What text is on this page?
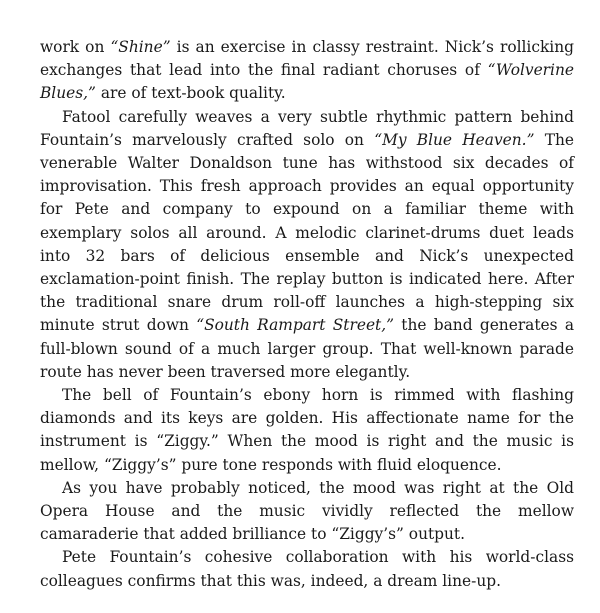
work on “Shine” is an exercise in classy restraint. Nick’s rollicking exchanges that lead into the final radiant choruses of “Wolverine Blues,” are of text-book quality.

Fatool carefully weaves a very subtle rhythmic pattern behind Fountain’s marvelously crafted solo on “My Blue Heaven.” The venerable Walter Donaldson tune has withstood six decades of improvisation. This fresh approach provides an equal opportunity for Pete and company to expound on a familiar theme with exemplary solos all around. A melodic clarinet-drums duet leads into 32 bars of delicious ensemble and Nick’s unexpected exclamation-point finish. The replay button is indicated here. After the traditional snare drum roll-off launches a high-stepping six minute strut down “South Rampart Street,” the band generates a full-blown sound of a much larger group. That well-known parade route has never been traversed more elegantly.

The bell of Fountain’s ebony horn is rimmed with flashing diamonds and its keys are golden. His affectionate name for the instrument is “Ziggy.” When the mood is right and the music is mellow, “Ziggy’s” pure tone responds with fluid eloquence.

As you have probably noticed, the mood was right at the Old Opera House and the music vividly reflected the mellow camaraderie that added brilliance to “Ziggy’s” output.

Pete Fountain’s cohesive collaboration with his world-class colleagues confirms that this was, indeed, a dream line-up.
